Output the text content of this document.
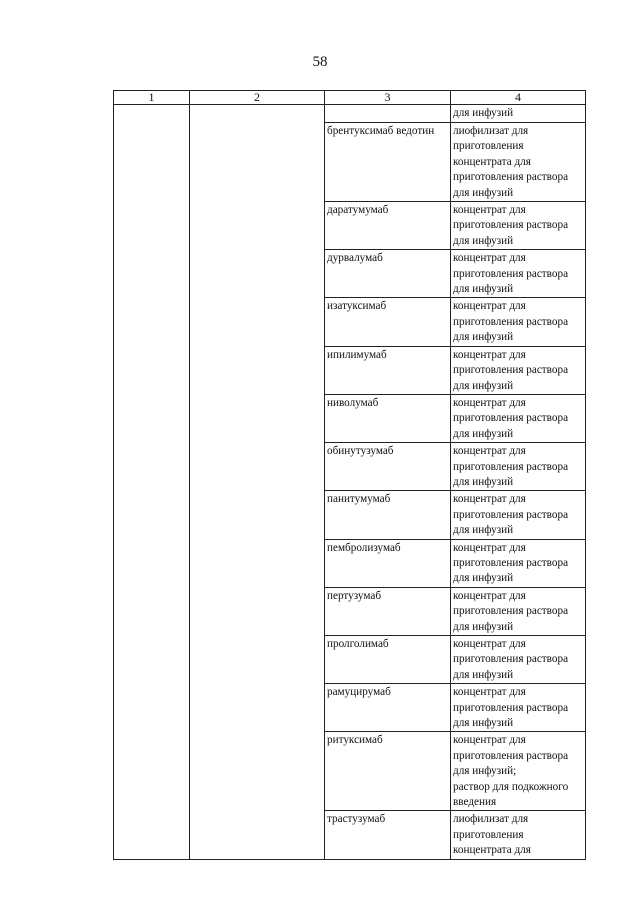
58
1	2	3	4
			для инфузий
		брентуксимаб ведотин	лиофилизат для
приготовления
концентрата для
приготовления раствора
для инфузий
		даратумумаб	концентрат для
приготовления раствора
для инфузий
		дурвалумаб	концентрат для
приготовления раствора
для инфузий
		изатуксимаб	концентрат для
приготовления раствора
для инфузий
		ипилимумаб	концентрат для
приготовления раствора
для инфузий
		ниволумаб	концентрат для
приготовления раствора
для инфузий
		обинутузумаб	концентрат для
приготовления раствора
для инфузий
		панитумумаб	концентрат для
приготовления раствора
для инфузий
		пембролизумаб	концентрат для
приготовления раствора
для инфузий
		пертузумаб	концентрат для
приготовления раствора
для инфузий
		пролголимаб	концентрат для
приготовления раствора
для инфузий
		рамуцирумаб	концентрат для
приготовления раствора
для инфузий
		ритуксимаб	концентрат для
приготовления раствора
для инфузий;
раствор для подкожного
введения
		трастузумаб	лиофилизат для
приготовления
концентрата для
